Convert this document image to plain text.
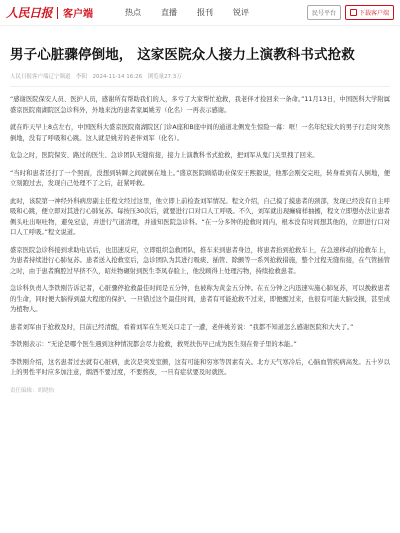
人民日报 客户端	热点	直播	报刊	锐评	民号平台	下载客户端
男子心脏骤停倒地， 这家医院众人接力上演教科书式抢救
人民日报客户端辽宁频道　李阳　2024-11-14 16:26　浏览量27.3万

“感谢医院保安人员、医护人员，感谢所有帮助我们的人，多亏了大家帮忙抢救，我老伴才捡回来一条命。”11月13日，中国医科大学附属盛京医院南湖院区急诊科外，外地来沈的患者家属姚芳（化名）一再表示感谢。

就在昨天早上8点左右，中国医科大盛京医院南湖院区门诊A座和B座中间的通道北侧发生惊险一幕：哐！一名年纪较大的男子行走时突然倒地，没有了呼吸和心跳。这人就是姚芳的老伴刘军（化名）。

危急之时，医院保安、路过的医生、急诊团队无缝衔接，接力上演教科书式抢救，把刘军从鬼门关里拽了回来。

“当时和患者还打了一个照面，没想到转瞬之间就倒在地上。”盛京医院顾皓助业保安王熙毅说，他那会刚交完班，转身看到有人倒地，便立刻跑过去，发现自己处理不了之后，赶紧呼救。

此时，该院第一神经外科病房副主任程文经过这里，他立即上前检查刘军情况。程文介绍，自己摸了摸患者的颈部，发现已经没有自主呼吸和心跳，便立即对其进行心肺复苏。每按压30次后，就要进行口对口人工呼吸。不久，刘军就出现癫痫样抽搐，程文立即想办法让患者侧头吐出呕吐物，避免窒息，并进行气道清理，并通知医院急诊科。“在一分多钟的抢救时间内，根本没有时间想其他的，立即进行口对口人工呼吸。”程文说道。

盛京医院急诊科接到求助电话后，也迅速反应，立即组织急救团队，推车来到患者身边，将患者抬到抢救车上，在急速移动的抢救车上，为患者持续进行心肺复苏。患者送入抢救室后，急诊团队为其进行吸痰、插管、除颤等一系列抢救措施，整个过程无缝衔接，在气管插管之时，由于患者胸腔过早挤不久，昭灶物碾射到医生李凤春脸上，他没顾得上处理污物，持续抢救患者。

急诊科负责人李铁刚告诉记者，心脏骤停抢救最佳时间是五分钟，也被称为黄金五分钟。在五分钟之内迅速实施心肺复苏，可以挽救患者的生命，同时便大脑得到最大程度的保护。一旦错过这个最佳时间，患者有可能抢救不过来，即便醒过来，也很有可能大脑受损，甚至成为植物人。

患者刘军由于抢救及时，目前已经清醒，看着刘军在生死关口走了一遭，老伴姚芳说：“我都不知道怎么感谢医院和大夫了。”

李铁刚表示：“无论是哪个医生遇到这种情况都会尽力抢救，救死扶伤早已成为医生刻在骨子里的本能。”

李铁刚介绍，这名患者过去就有心脏病，此次是突发室颤，这有可能和穷寒等因素有关。北方天气寒冷后，心脑血管疾病高发。五十岁以上的男性平时应多加注意，烟酒不要过度，不要熬夜，一旦有症状要及时就医。

责任编辑：胡晓怡
